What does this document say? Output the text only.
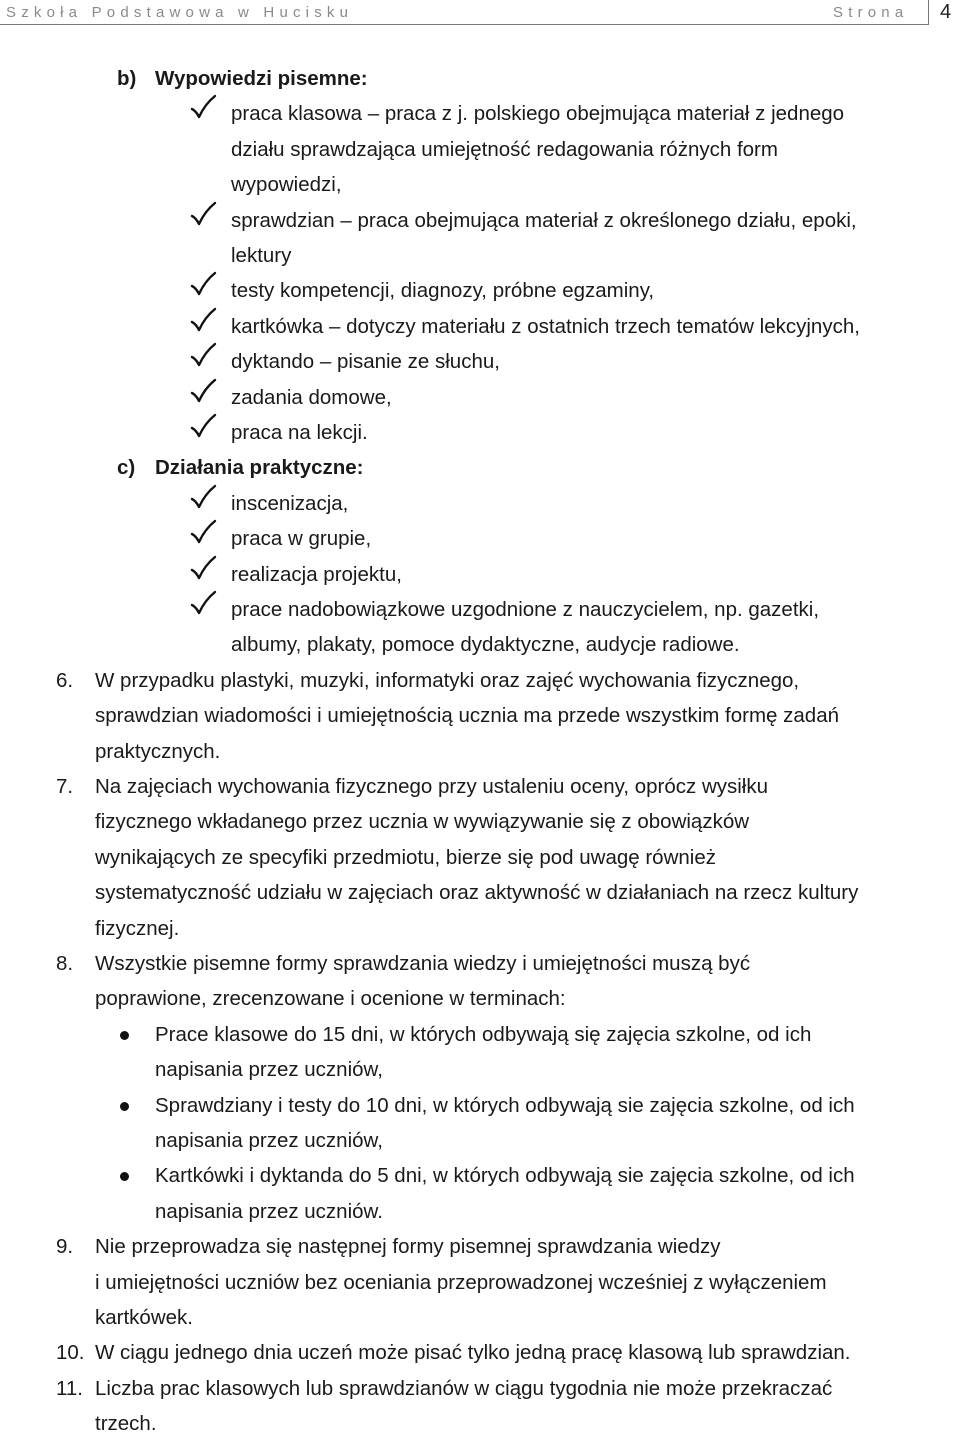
Szkoła Podstawowa w Hucisku	Strona 4
b) Wypowiedzi pisemne:
praca klasowa – praca z j. polskiego obejmująca materiał z jednego
działu sprawdzająca umiejętność redagowania różnych form
wypowiedzi,
sprawdzian – praca obejmująca materiał z określonego działu, epoki,
lektury
testy kompetencji, diagnozy, próbne egzaminy,
kartkówka – dotyczy materiału z ostatnich trzech tematów lekcyjnych,
dyktando – pisanie ze słuchu,
zadania domowe,
praca na lekcji.
c) Działania praktyczne:
inscenizacja,
praca w grupie,
realizacja projektu,
prace nadobowiązkowe uzgodnione z nauczycielem, np. gazetki,
albumy, plakaty, pomoce dydaktyczne, audycje radiowe.
6. W przypadku plastyki, muzyki, informatyki oraz zajęć wychowania fizycznego,
sprawdzian wiadomości i umiejętnością ucznia ma przede wszystkim formę zadań
praktycznych.
7. Na zajęciach wychowania fizycznego przy ustaleniu oceny, oprócz wysiłku
fizycznego wkładanego przez ucznia w wywiązywanie się z obowiązków
wynikających ze specyfiki przedmiotu, bierze się pod uwagę również
systematyczność udziału w zajęciach oraz aktywność w działaniach na rzecz kultury
fizycznej.
8. Wszystkie pisemne formy sprawdzania wiedzy i umiejętności muszą być
poprawione, zrecenzowane i ocenione w terminach:
Prace klasowe do 15 dni, w których odbywają się zajęcia szkolne, od ich
napisania przez uczniów,
Sprawdziany i testy do 10 dni, w których odbywają sie zajęcia szkolne, od ich
napisania przez uczniów,
Kartkówki i dyktanda do 5 dni, w których odbywają sie zajęcia szkolne, od ich
napisania przez uczniów.
9. Nie przeprowadza się następnej formy pisemnej sprawdzania wiedzy
i umiejętności uczniów bez oceniania przeprowadzonej wcześniej z wyłączeniem
kartkówek.
10. W ciągu jednego dnia uczeń może pisać tylko jedną pracę klasową lub sprawdzian.
11. Liczba prac klasowych lub sprawdzianów w ciągu tygodnia nie może przekraczać
trzech.
